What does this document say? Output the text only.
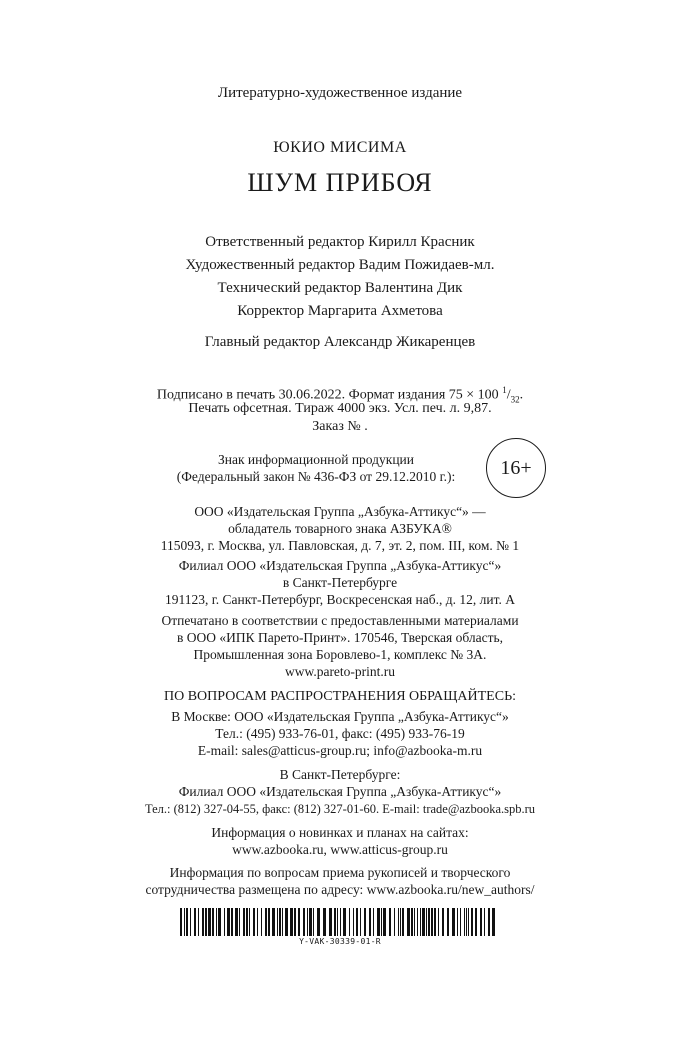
Литературно-художественное издание
ЮКИО МИСИМА
ШУМ ПРИБОЯ
Ответственный редактор Кирилл Красник
Художественный редактор Вадим Пожидаев-мл.
Технический редактор Валентина Дик
Корректор Маргарита Ахметова
Главный редактор Александр Жикаренцев
Подписано в печать 30.06.2022. Формат издания 75 × 100 $^1/_{32}$.
Печать офсетная. Тираж 4000 экз. Усл. печ. л. 9,87.
Заказ № .
Знак информационной продукции
(Федеральный закон № 436-ФЗ от 29.12.2010 г.):	16+
ООО «Издательская Группа „Азбука-Аттикус“» —
обладатель товарного знака АЗБУКА®
115093, г. Москва, ул. Павловская, д. 7, эт. 2, пом. III, ком. № 1
Филиал ООО «Издательская Группа „Азбука-Аттикус“»
в Санкт-Петербурге
191123, г. Санкт-Петербург, Воскресенская наб., д. 12, лит. А
Отпечатано в соответствии с предоставленными материалами
в ООО «ИПК Парето-Принт». 170546, Тверская область,
Промышленная зона Боровлево-1, комплекс № 3А.
www.pareto-print.ru
ПО ВОПРОСАМ РАСПРОСТРАНЕНИЯ ОБРАЩАЙТЕСЬ:
В Москве: ООО «Издательская Группа „Азбука-Аттикус“»
Тел.: (495) 933-76-01, факс: (495) 933-76-19
E-mail: sales@atticus-group.ru; info@azbooka-m.ru
В Санкт-Петербурге:
Филиал ООО «Издательская Группа „Азбука-Аттикус“»
Тел.: (812) 327-04-55, факс: (812) 327-01-60. E-mail: trade@azbooka.spb.ru
Информация о новинках и планах на сайтах:
www.azbooka.ru, www.atticus-group.ru
Информация по вопросам приема рукописей и творческого
сотрудничества размещена по адресу: www.azbooka.ru/new_authors/
Y-VAK-30339-01-R
